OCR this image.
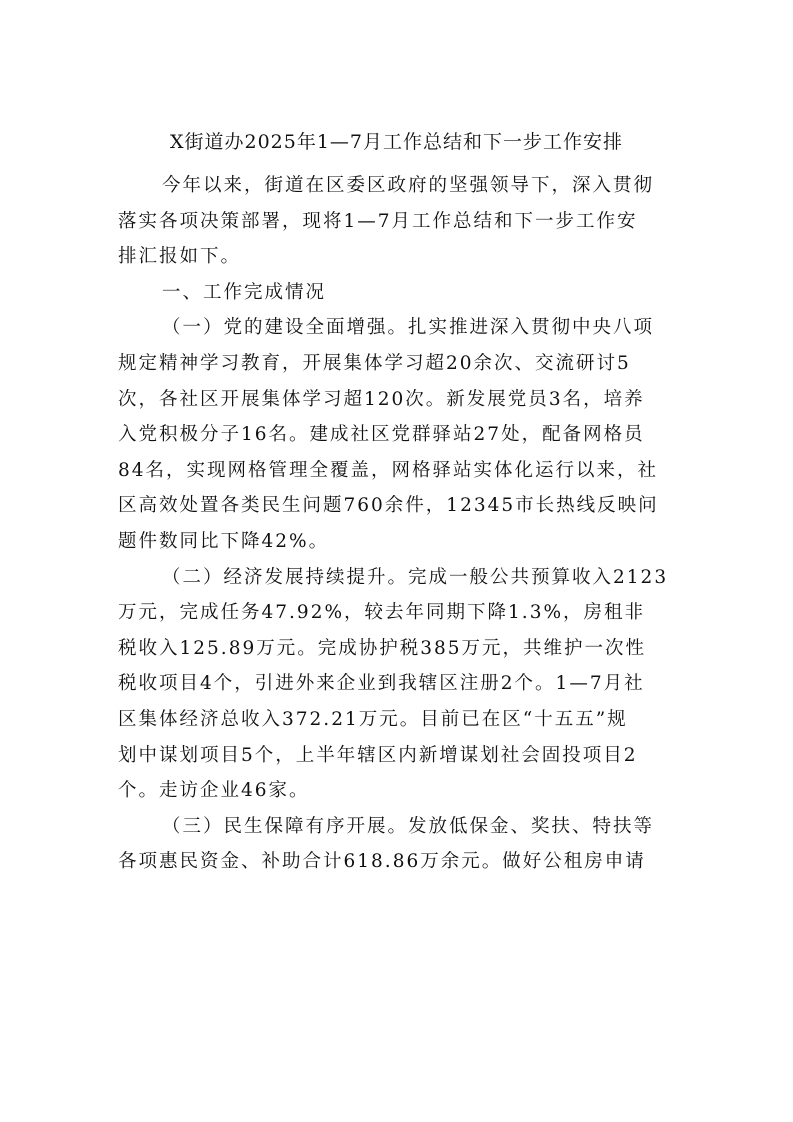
X街道办2025年1—7月工作总结和下一步工作安排

今年以来，街道在区委区政府的坚强领导下，深入贯彻
落实各项决策部署，现将1—7月工作总结和下一步工作安
排汇报如下。

一、工作完成情况

（一）党的建设全面增强。扎实推进深入贯彻中央八项
规定精神学习教育，开展集体学习超20余次、交流研讨5
次，各社区开展集体学习超120次。新发展党员3名，培养
入党积极分子16名。建成社区党群驿站27处，配备网格员
84名，实现网格管理全覆盖，网格驿站实体化运行以来，社
区高效处置各类民生问题760余件，12345市长热线反映问
题件数同比下降42%。

（二）经济发展持续提升。完成一般公共预算收入2123
万元，完成任务47.92%，较去年同期下降1.3%，房租非
税收入125.89万元。完成协护税385万元，共维护一次性
税收项目4个，引进外来企业到我辖区注册2个。1—7月社
区集体经济总收入372.21万元。目前已在区“十五五”规
划中谋划项目5个，上半年辖区内新增谋划社会固投项目2
个。走访企业46家。

（三）民生保障有序开展。发放低保金、奖扶、特扶等
各项惠民资金、补助合计618.86万余元。做好公租房申请
